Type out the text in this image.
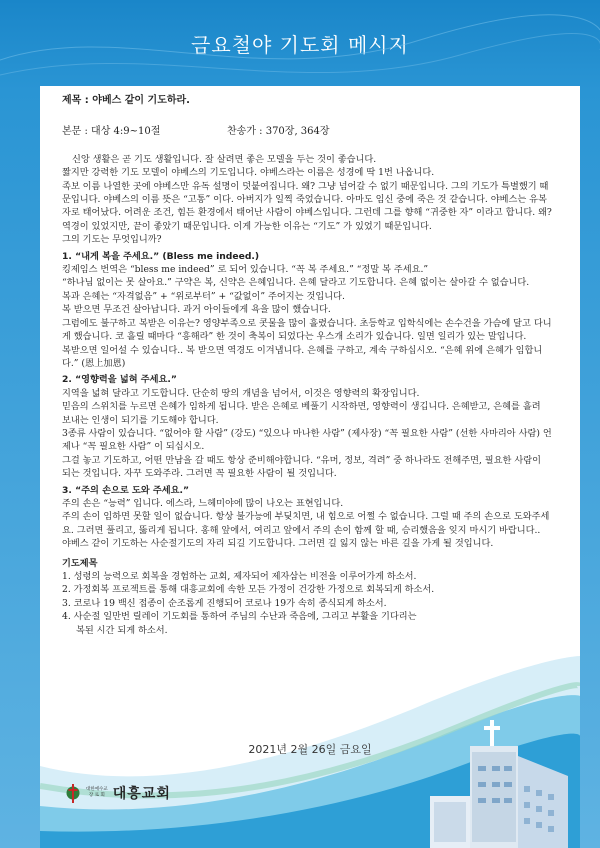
금요철야 기도회 메시지
제목 : 야베스 같이 기도하라.
본문 : 대상 4:9~10절	찬송가 : 370장, 364장

신앙 생활은 곧 기도 생활입니다. 잘 살려면 좋은 모델을 두는 것이 좋습니다.

짧지만 강력한 기도 모델이 야베스의 기도입니다. 야베스라는 이름은 성경에 딱 1번 나옵니다.

족보 이름 나열한 곳에 야베스만 유독 설명이 덧붙여집니다. 왜? 그냥 넘어갈 수 없기 때문입니다. 그의 기도가 특별했기 때문입니다. 야베스의 이름 뜻은 “고통” 이다. 아버지가 일찍 죽었습니다. 아마도 임신 중에 죽은 것 같습니다. 야베스는 유복자로 태어났다. 어려운 조건, 힘든 환경에서 태어난 사람이 야베스입니다. 그런데 그를 향해 “귀중한 자” 이라고 합니다. 왜? 역경이 있었지만, 끝이 좋았기 때문입니다. 이게 가능한 이유는 “기도” 가 있었기 때문입니다.

그의 기도는 무엇입니까?

1. “내게 복을 주세요.” (Bless me indeed.)

킹제임스 번역은 “bless me indeed” 로 되어 있습니다. “꼭 복 주세요.” “정말 복 주세요.”

“하나님 없이는 못 살아요.” 구약은 복, 신약은 은혜입니다. 은혜 달라고 기도합니다. 은혜 없이는 살아갈 수 없습니다.

복과 은혜는 “자격없음” + “위로부터” + “값없이” 주어지는 것입니다.

복 받으면 무조건 살아납니다. 과거 아이들에게 욕을 많이 했습니다.

그럼에도 불구하고 복받은 이유는? 영양부족으로 콧물을 많이 흘렸습니다. 초등학교 입학식에는 손수건을 가슴에 달고 다니게 했습니다. 코 흘릴 때마다 “흥해라” 한 것이 축복이 되었다는 우스개 소리가 있습니다. 일면 일리가 있는 말입니다.

복받으면 일어설 수 있습니다.. 복 받으면 역경도 이겨냅니다. 은혜를 구하고, 계속 구하십시오. “은혜 위에 은혜가 임합니다.” (恩上加恩)

2. “영향력을 넓혀 주세요.”

지역을 넓혀 달라고 기도합니다. 단순히 땅의 개념을 넘어서, 이것은 영향력의 확장입니다.

믿음의 스위치를 누르면 은혜가 임하게 됩니다. 받은 은혜로 베풀기 시작하면, 영향력이 생깁니다. 은혜받고, 은혜를 흘려 보내는 인생이 되기를 기도해야 합니다.

3종류 사람이 있습니다. “없어야 할 사람” (강도) “있으나 마나한 사람” (제사장) “꼭 필요한 사람” (선한 사마리아 사람) 언제나 “꼭 필요한 사람” 이 되십시오.

그걸 놓고 기도하고, 어떤 만남을 갈 때도 항상 준비해야합니다. “유머, 정보, 격려” 중 하나라도 전해주면, 필요한 사람이 되는 것입니다. 자꾸 도와주라. 그러면 꼭 필요한 사람이 될 것입니다.

3. “주의 손으로 도와 주세요.”

주의 손은 “능력” 입니다. 에스라, 느헤미야에 많이 나오는 표현입니다.

주의 손이 임하면 못할 일이 없습니다. 항상 불가능에 부딪치면, 내 힘으로 어쩔 수 없습니다. 그럴 때 주의 손으로 도와주세요. 그러면 풀리고, 뚫리게 됩니다. 홍해 앞에서, 여리고 앞에서 주의 손이 함께 할 때, 승리했음을 잊지 마시기 바랍니다..

야베스 같이 기도하는 사순절기도의 자리 되길 기도합니다. 그러면 길 잃지 않는 바른 길을 가게 될 것입니다.

기도제목
1. 성령의 능력으로 회복을 경험하는 교회, 제자되어 제자삼는 비전을 이루어가게 하소서.
2. 가정회복 프로젝트를 통해 대흥교회에 속한 모든 가정이 건강한 가정으로 회복되게 하소서.
3. 코로나 19 백신 접종이 순조롭게 진행되어 코로나 19가 속히 종식되게 하소서.
4. 사순절 일만번 릴레이 기도회를 통하여 주님의 수난과 죽음에, 그리고 부활을 기다리는
복된 시간 되게 하소서.
2021년 2월 26일 금요일
대한예수교
장 로 회 대흥교회
